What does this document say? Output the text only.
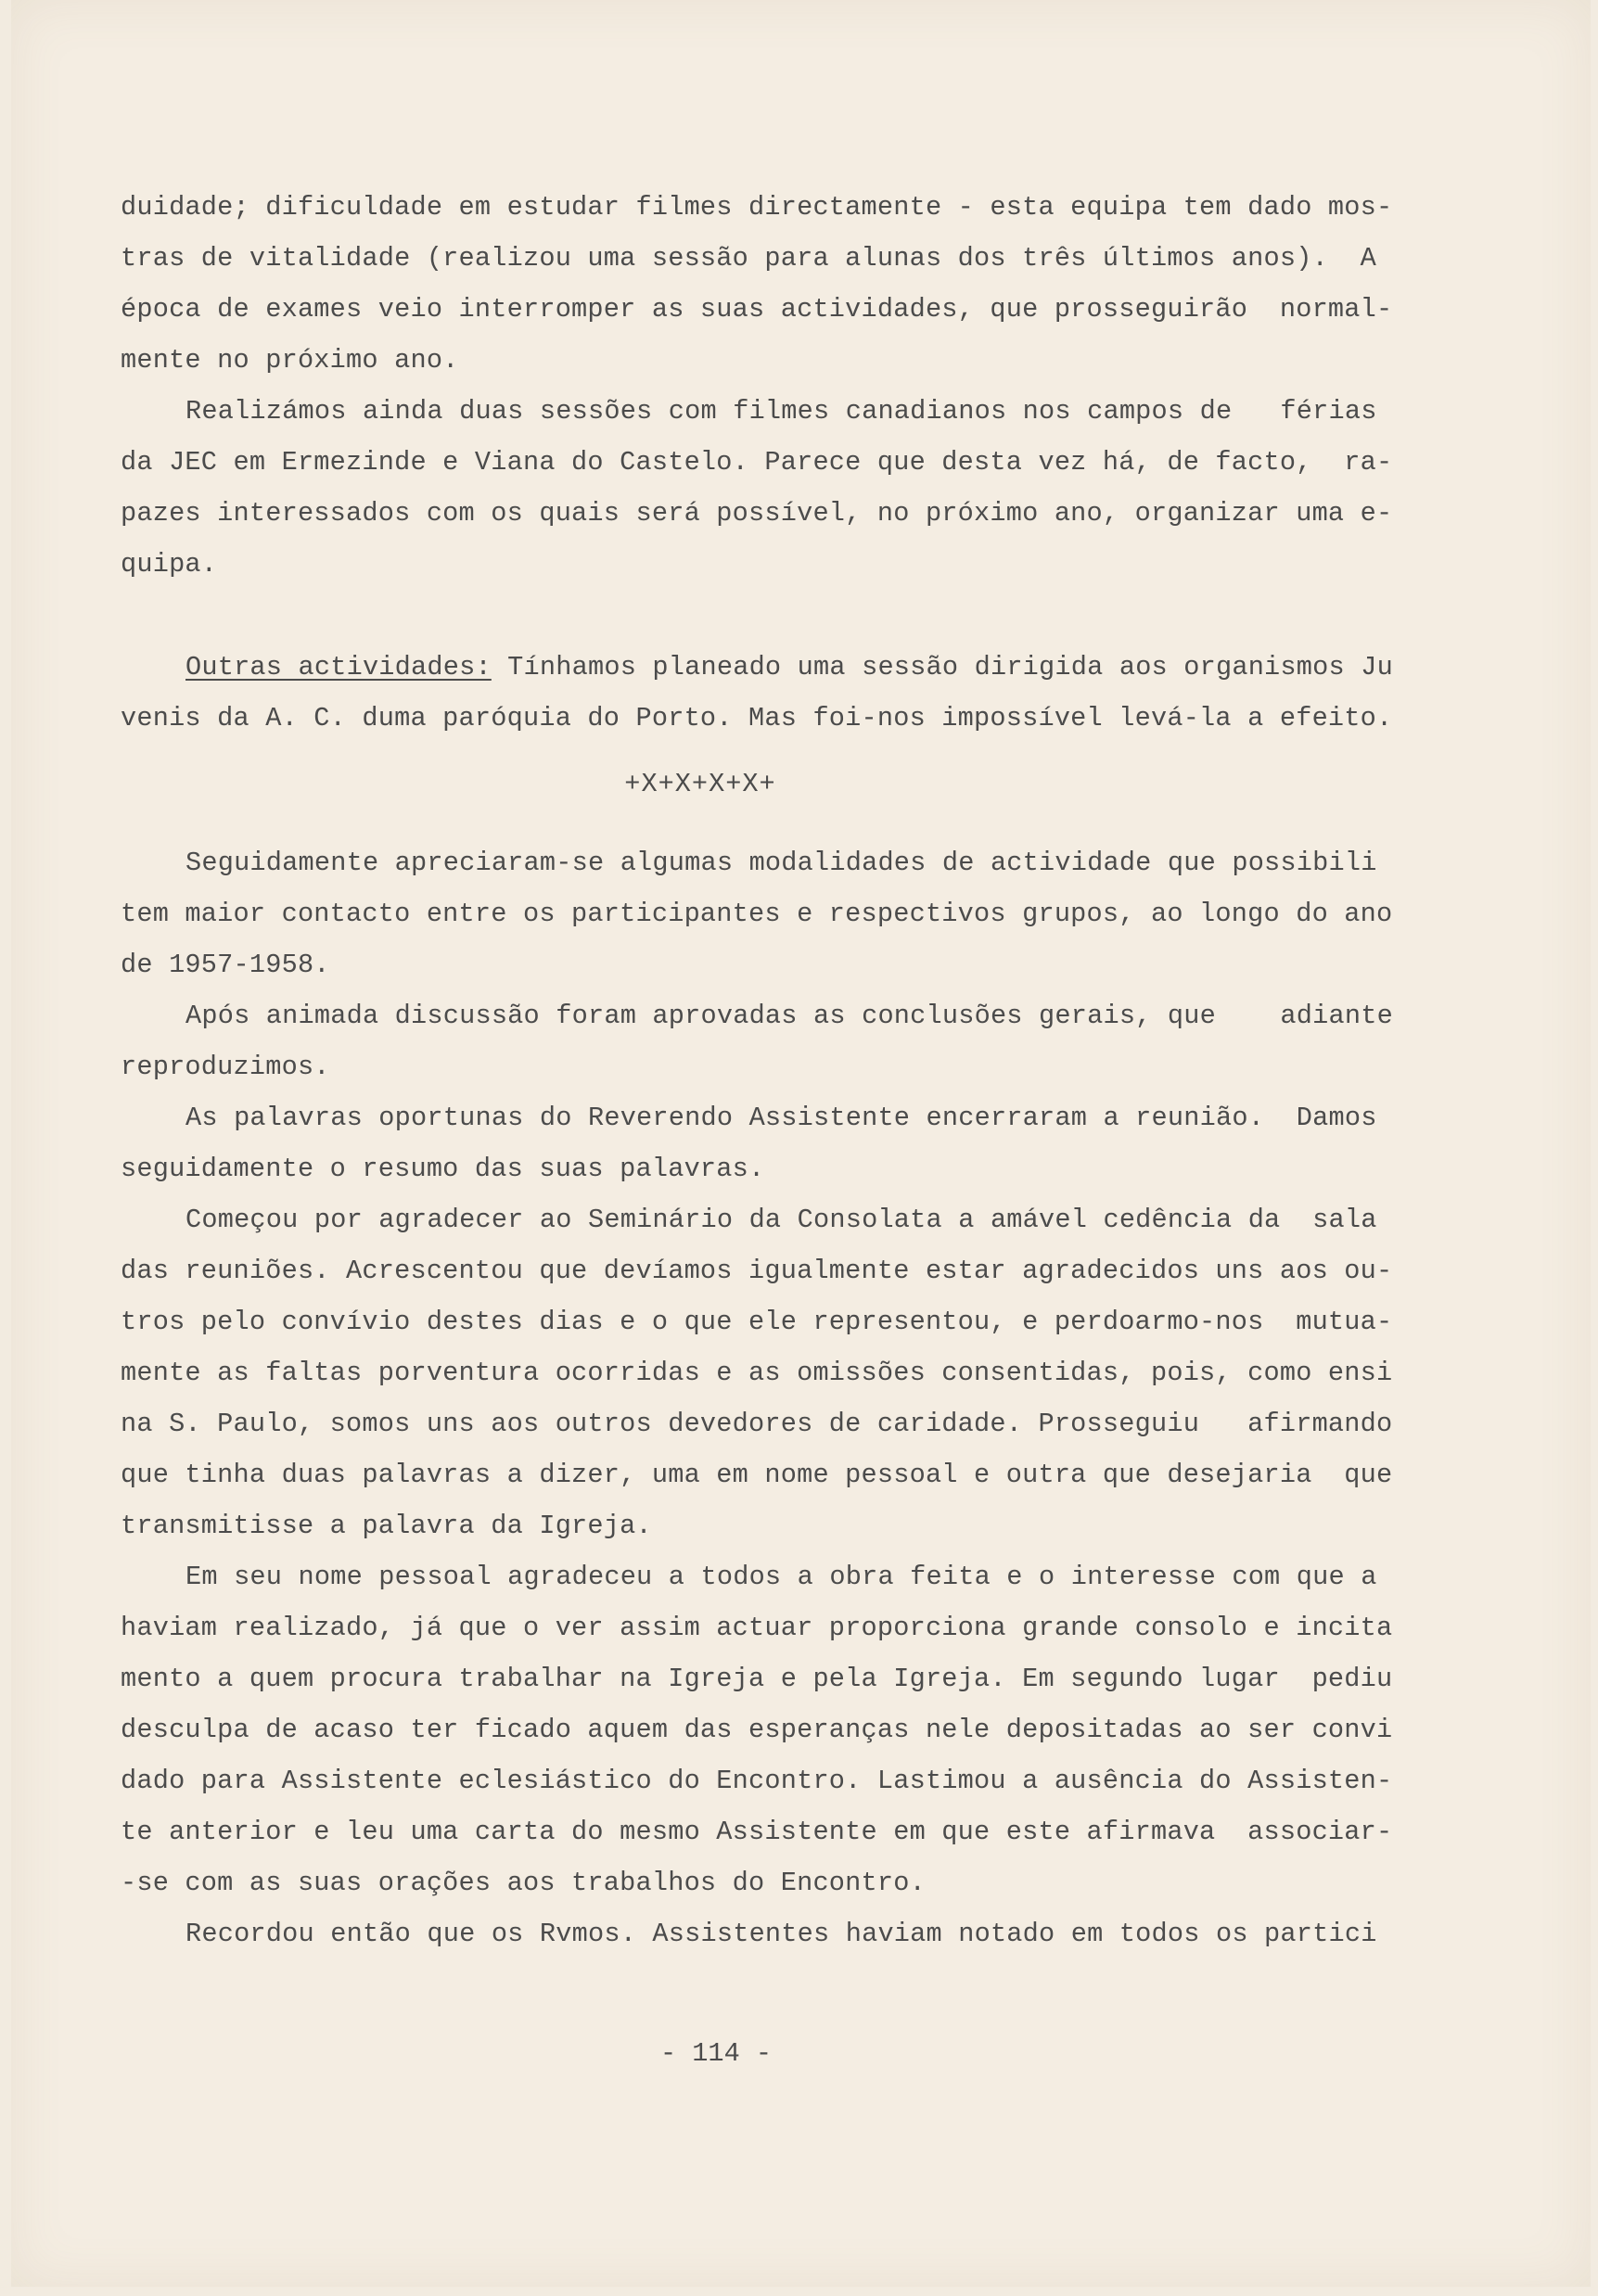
duidade; dificuldade em estudar filmes directamente - esta equipa tem dado mos-
tras de vitalidade (realizou uma sessão para alunas dos três últimos anos).  A
época de exames veio interromper as suas actividades, que prosseguirão  normal-
mente no próximo ano.
Realizámos ainda duas sessões com filmes canadianos nos campos de   férias
da JEC em Ermezinde e Viana do Castelo. Parece que desta vez há, de facto,  ra-
pazes interessados com os quais será possível, no próximo ano, organizar uma e-
quipa.
Outras actividades: Tínhamos planeado uma sessão dirigida aos organismos Ju
venis da A. C. duma paróquia do Porto. Mas foi-nos impossível levá-la a efeito.
+X+X+X+X+
Seguidamente apreciaram-se algumas modalidades de actividade que possibili
tem maior contacto entre os participantes e respectivos grupos, ao longo do ano
de 1957-1958.
Após animada discussão foram aprovadas as conclusões gerais, que    adiante
reproduzimos.
As palavras oportunas do Reverendo Assistente encerraram a reunião.  Damos
seguidamente o resumo das suas palavras.
Começou por agradecer ao Seminário da Consolata a amável cedência da  sala
das reuniões. Acrescentou que devíamos igualmente estar agradecidos uns aos ou-
tros pelo convívio destes dias e o que ele representou, e perdoarmo-nos  mutua-
mente as faltas porventura ocorridas e as omissões consentidas, pois, como ensi
na S. Paulo, somos uns aos outros devedores de caridade. Prosseguiu   afirmando
que tinha duas palavras a dizer, uma em nome pessoal e outra que desejaria  que
transmitisse a palavra da Igreja.
Em seu nome pessoal agradeceu a todos a obra feita e o interesse com que a
haviam realizado, já que o ver assim actuar proporciona grande consolo e incita
mento a quem procura trabalhar na Igreja e pela Igreja. Em segundo lugar  pediu
desculpa de acaso ter ficado aquem das esperanças nele depositadas ao ser convi
dado para Assistente eclesiástico do Encontro. Lastimou a ausência do Assisten-
te anterior e leu uma carta do mesmo Assistente em que este afirmava  associar-
-se com as suas orações aos trabalhos do Encontro.
Recordou então que os Rvmos. Assistentes haviam notado em todos os partici
- 114 -
